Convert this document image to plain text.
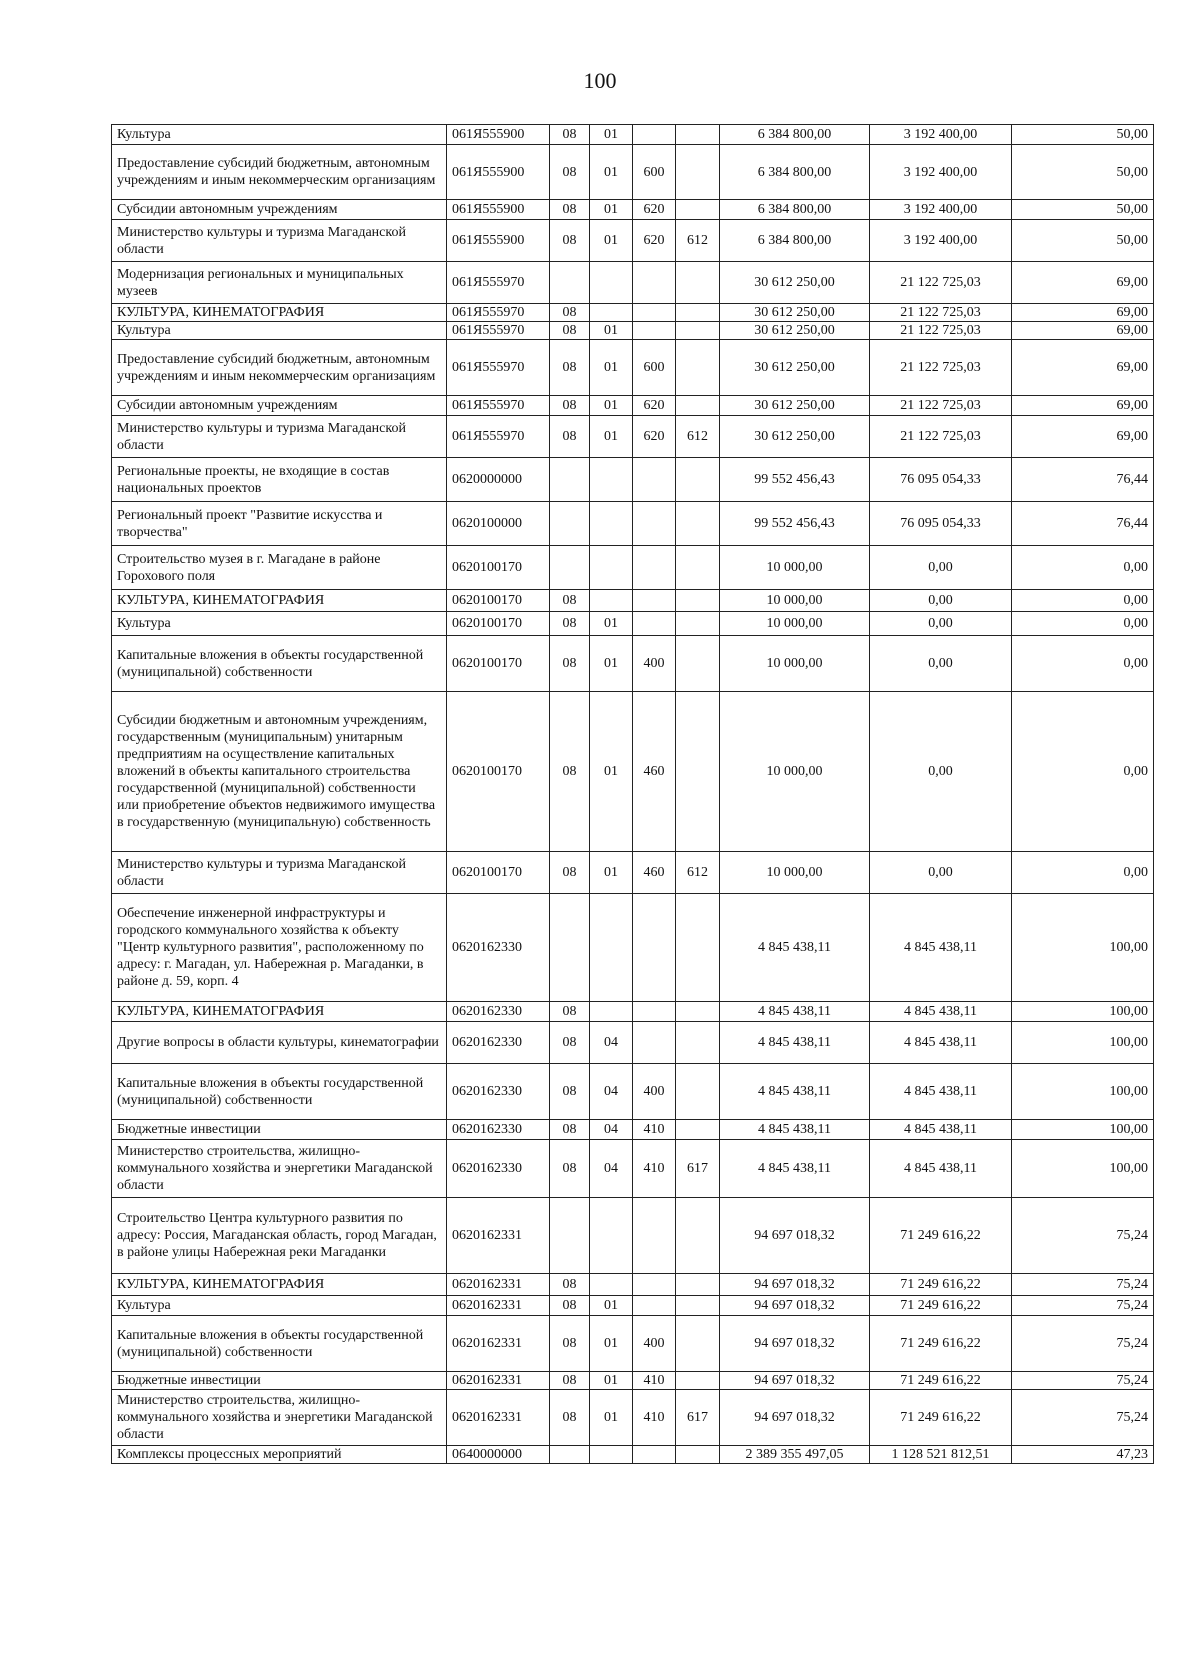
100
Культура	061Я555900	08	01			6 384 800,00	3 192 400,00	50,00
Предоставление субсидий бюджетным, автономным учреждениям и иным некоммерческим организациям	061Я555900	08	01	600		6 384 800,00	3 192 400,00	50,00
Субсидии автономным учреждениям	061Я555900	08	01	620		6 384 800,00	3 192 400,00	50,00
Министерство культуры и туризма Магаданской области	061Я555900	08	01	620	612	6 384 800,00	3 192 400,00	50,00
Модернизация региональных и муниципальных музеев	061Я555970					30 612 250,00	21 122 725,03	69,00
КУЛЬТУРА, КИНЕМАТОГРАФИЯ	061Я555970	08				30 612 250,00	21 122 725,03	69,00
Культура	061Я555970	08	01			30 612 250,00	21 122 725,03	69,00
Предоставление субсидий бюджетным, автономным учреждениям и иным некоммерческим организациям	061Я555970	08	01	600		30 612 250,00	21 122 725,03	69,00
Субсидии автономным учреждениям	061Я555970	08	01	620		30 612 250,00	21 122 725,03	69,00
Министерство культуры и туризма Магаданской области	061Я555970	08	01	620	612	30 612 250,00	21 122 725,03	69,00
Региональные проекты, не входящие в состав национальных проектов	0620000000					99 552 456,43	76 095 054,33	76,44
Региональный проект "Развитие искусства и творчества"	0620100000					99 552 456,43	76 095 054,33	76,44
Строительство музея в г. Магадане в районе Горохового поля	0620100170					10 000,00	0,00	0,00
КУЛЬТУРА, КИНЕМАТОГРАФИЯ	0620100170	08				10 000,00	0,00	0,00
Культура	0620100170	08	01			10 000,00	0,00	0,00
Капитальные вложения в объекты государственной (муниципальной) собственности	0620100170	08	01	400		10 000,00	0,00	0,00
Субсидии бюджетным и автономным учреждениям, государственным (муниципальным) унитарным предприятиям на осуществление капитальных вложений в объекты капитального строительства государственной (муниципальной) собственности или приобретение объектов недвижимого имущества в государственную (муниципальную) собственность	0620100170	08	01	460		10 000,00	0,00	0,00
Министерство культуры и туризма Магаданской области	0620100170	08	01	460	612	10 000,00	0,00	0,00
Обеспечение инженерной инфраструктуры и городского коммунального хозяйства к объекту "Центр культурного развития", расположенному по адресу: г. Магадан, ул. Набережная р. Магаданки, в районе д. 59, корп. 4	0620162330					4 845 438,11	4 845 438,11	100,00
КУЛЬТУРА, КИНЕМАТОГРАФИЯ	0620162330	08				4 845 438,11	4 845 438,11	100,00
Другие вопросы в области культуры, кинематографии	0620162330	08	04			4 845 438,11	4 845 438,11	100,00
Капитальные вложения в объекты государственной (муниципальной) собственности	0620162330	08	04	400		4 845 438,11	4 845 438,11	100,00
Бюджетные инвестиции	0620162330	08	04	410		4 845 438,11	4 845 438,11	100,00
Министерство строительства, жилищно-коммунального хозяйства и энергетики Магаданской области	0620162330	08	04	410	617	4 845 438,11	4 845 438,11	100,00
Строительство Центра культурного развития по адресу: Россия, Магаданская область, город Магадан, в районе улицы Набережная реки Магаданки	0620162331					94 697 018,32	71 249 616,22	75,24
КУЛЬТУРА, КИНЕМАТОГРАФИЯ	0620162331	08				94 697 018,32	71 249 616,22	75,24
Культура	0620162331	08	01			94 697 018,32	71 249 616,22	75,24
Капитальные вложения в объекты государственной (муниципальной) собственности	0620162331	08	01	400		94 697 018,32	71 249 616,22	75,24
Бюджетные инвестиции	0620162331	08	01	410		94 697 018,32	71 249 616,22	75,24
Министерство строительства, жилищно-коммунального хозяйства и энергетики Магаданской области	0620162331	08	01	410	617	94 697 018,32	71 249 616,22	75,24
Комплексы процессных мероприятий	0640000000					2 389 355 497,05	1 128 521 812,51	47,23
